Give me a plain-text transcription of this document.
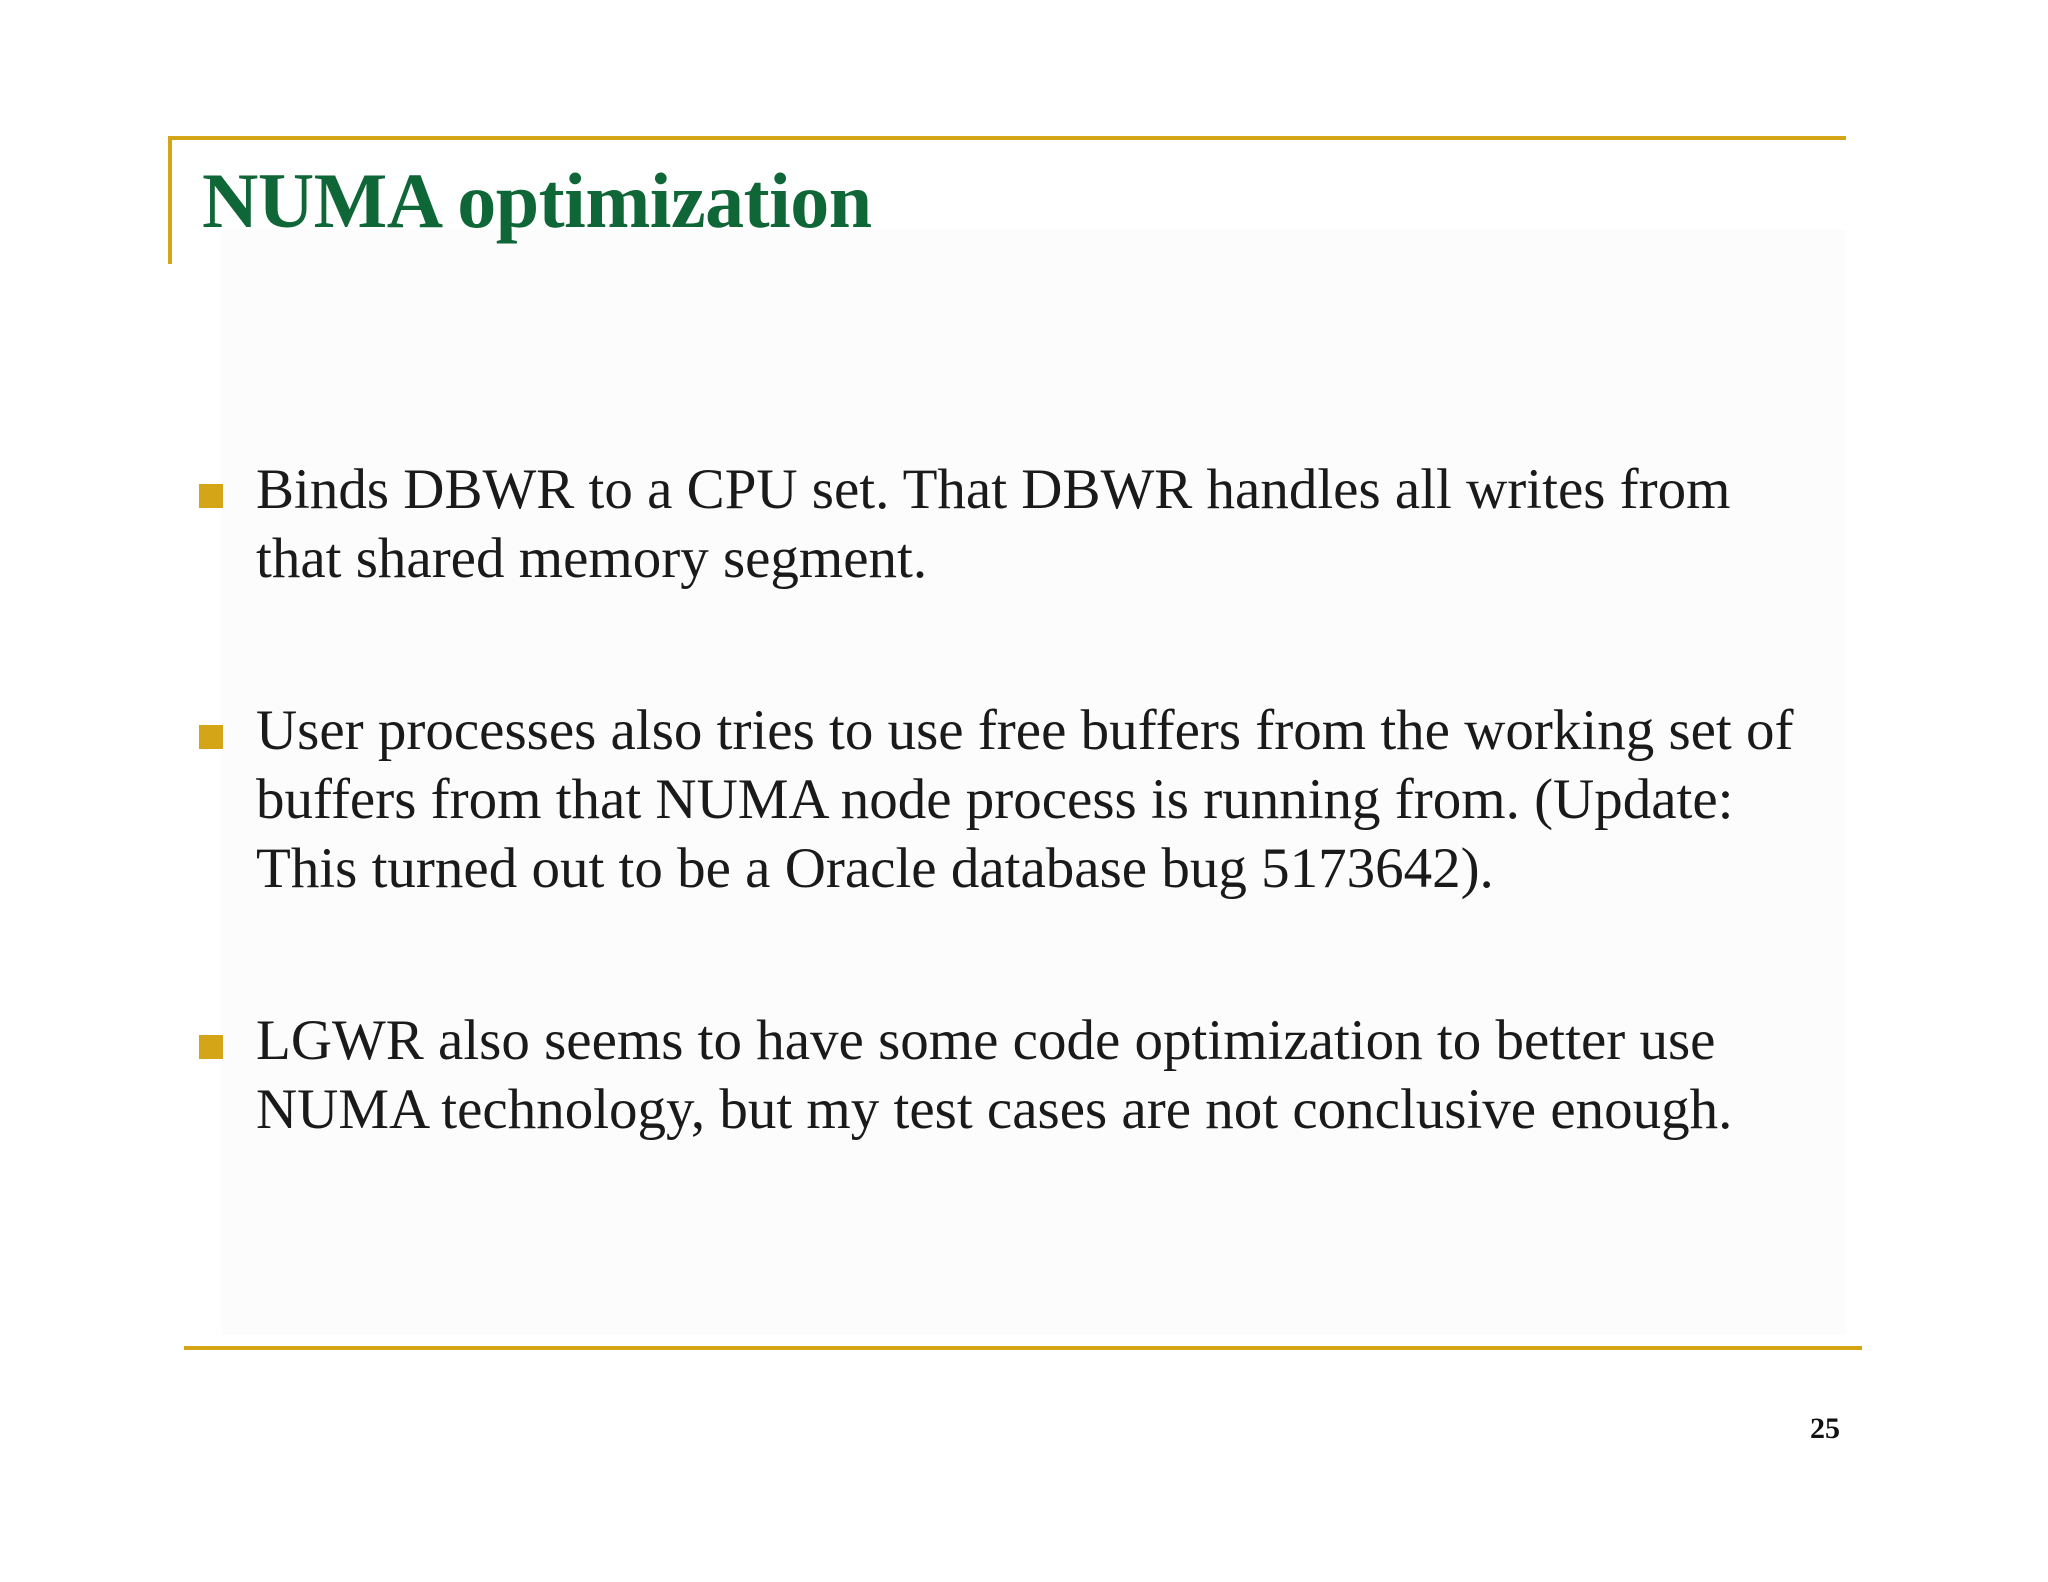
NUMA optimization
Binds DBWR to a CPU set. That DBWR handles all writes from that shared memory segment.
User processes also tries to use free buffers from the working set of buffers from that NUMA node process is running from. (Update: This turned out to be a Oracle database bug 5173642).
LGWR also seems to have some code optimization to better use NUMA technology, but my test cases are not conclusive enough.
25
